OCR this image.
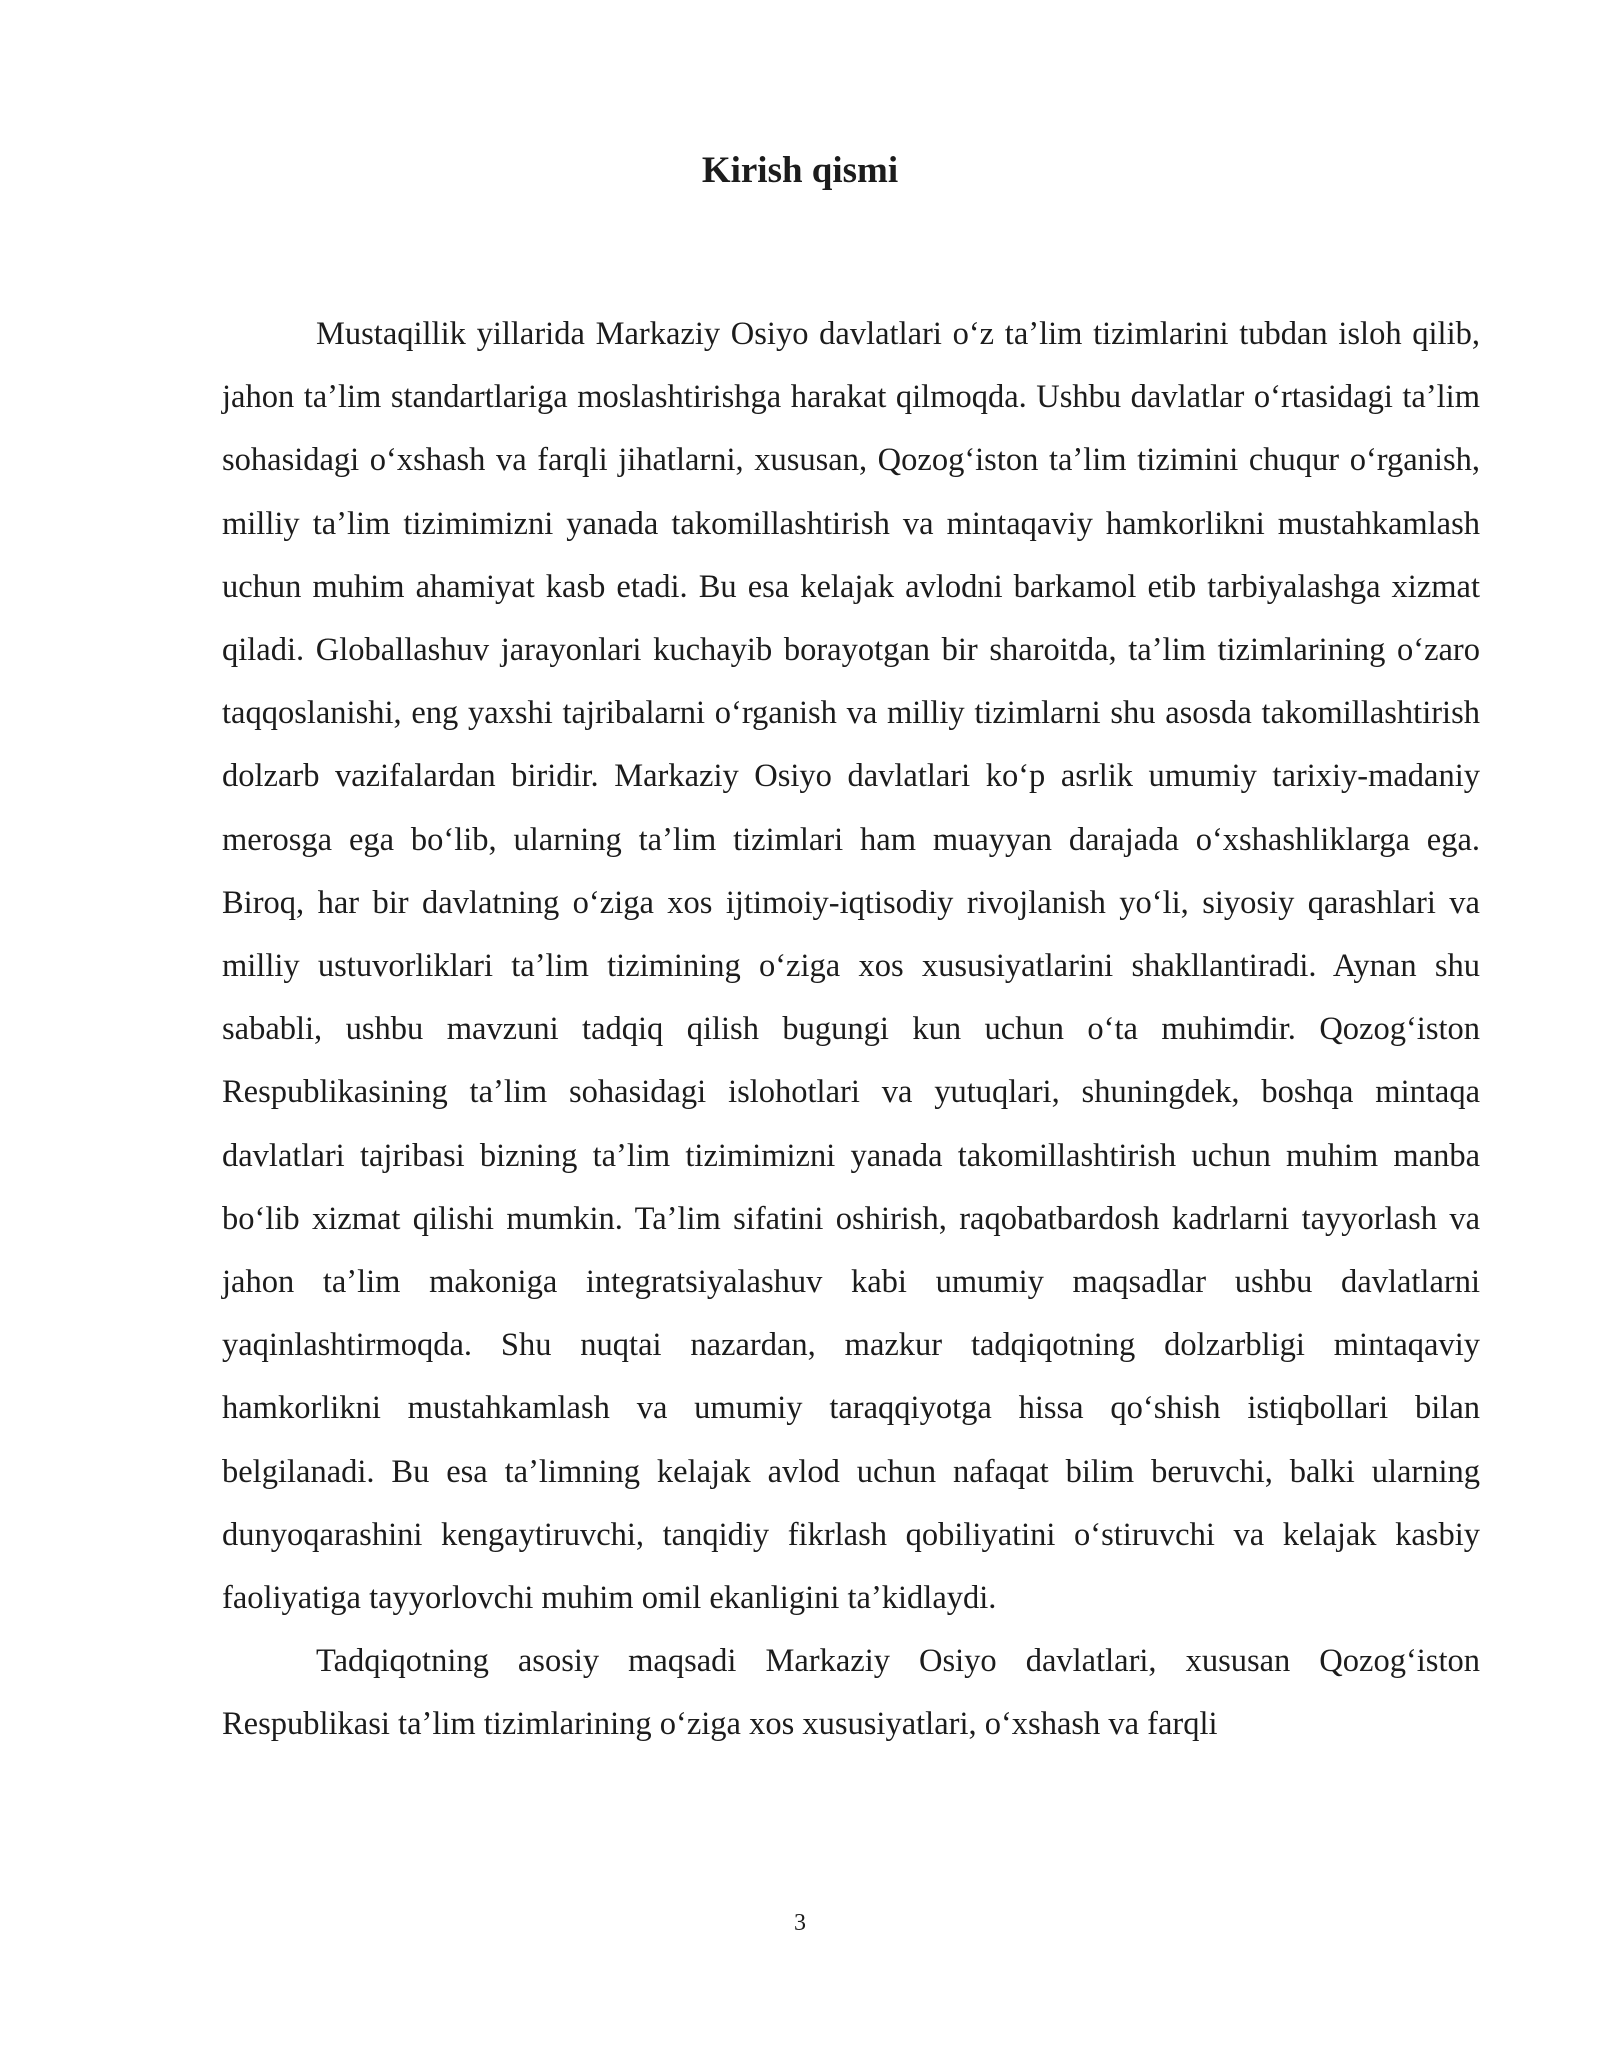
Kirish qismi

Mustaqillik yillarida Markaziy Osiyo davlatlari oʻz taʼlim tizimlarini tubdan isloh qilib, jahon taʼlim standartlariga moslashtirishga harakat qilmoqda. Ushbu davlatlar oʻrtasidagi taʼlim sohasidagi oʻxshash va farqli jihatlarni, xususan, Qozogʻiston taʼlim tizimini chuqur oʻrganish, milliy taʼlim tizimimizni yanada takomillashtirish va mintaqaviy hamkorlikni mustahkamlash uchun muhim ahamiyat kasb etadi. Bu esa kelajak avlodni barkamol etib tarbiyalashga xizmat qiladi. Globallashuv jarayonlari kuchayib borayotgan bir sharoitda, taʼlim tizimlarining oʻzaro taqqoslanishi, eng yaxshi tajribalarni oʻrganish va milliy tizimlarni shu asosda takomillashtirish dolzarb vazifalardan biridir. Markaziy Osiyo davlatlari koʻp asrlik umumiy tarixiy-madaniy merosga ega boʻlib, ularning taʼlim tizimlari ham muayyan darajada oʻxshashliklarga ega. Biroq, har bir davlatning oʻziga xos ijtimoiy-iqtisodiy rivojlanish yoʻli, siyosiy qarashlari va milliy ustuvorliklari taʼlim tizimining oʻziga xos xususiyatlarini shakllantiradi. Aynan shu sababli, ushbu mavzuni tadqiq qilish bugungi kun uchun oʻta muhimdir. Qozogʻiston Respublikasining taʼlim sohasidagi islohotlari va yutuqlari, shuningdek, boshqa mintaqa davlatlari tajribasi bizning taʼlim tizimimizni yanada takomillashtirish uchun muhim manba boʻlib xizmat qilishi mumkin. Taʼlim sifatini oshirish, raqobatbardosh kadrlarni tayyorlash va jahon taʼlim makoniga integratsiyalashuv kabi umumiy maqsadlar ushbu davlatlarni yaqinlashtirmoqda. Shu nuqtai nazardan, mazkur tadqiqotning dolzarbligi mintaqaviy hamkorlikni mustahkamlash va umumiy taraqqiyotga hissa qoʻshish istiqbollari bilan belgilanadi. Bu esa taʼlimning kelajak avlod uchun nafaqat bilim beruvchi, balki ularning dunyoqarashini kengaytiruvchi, tanqidiy fikrlash qobiliyatini oʻstiruvchi va kelajak kasbiy faoliyatiga tayyorlovchi muhim omil ekanligini taʼkidlaydi.

Tadqiqotning asosiy maqsadi Markaziy Osiyo davlatlari, xususan Qozogʻiston Respublikasi taʼlim tizimlarining oʻziga xos xususiyatlari, oʻxshash va farqli

3
